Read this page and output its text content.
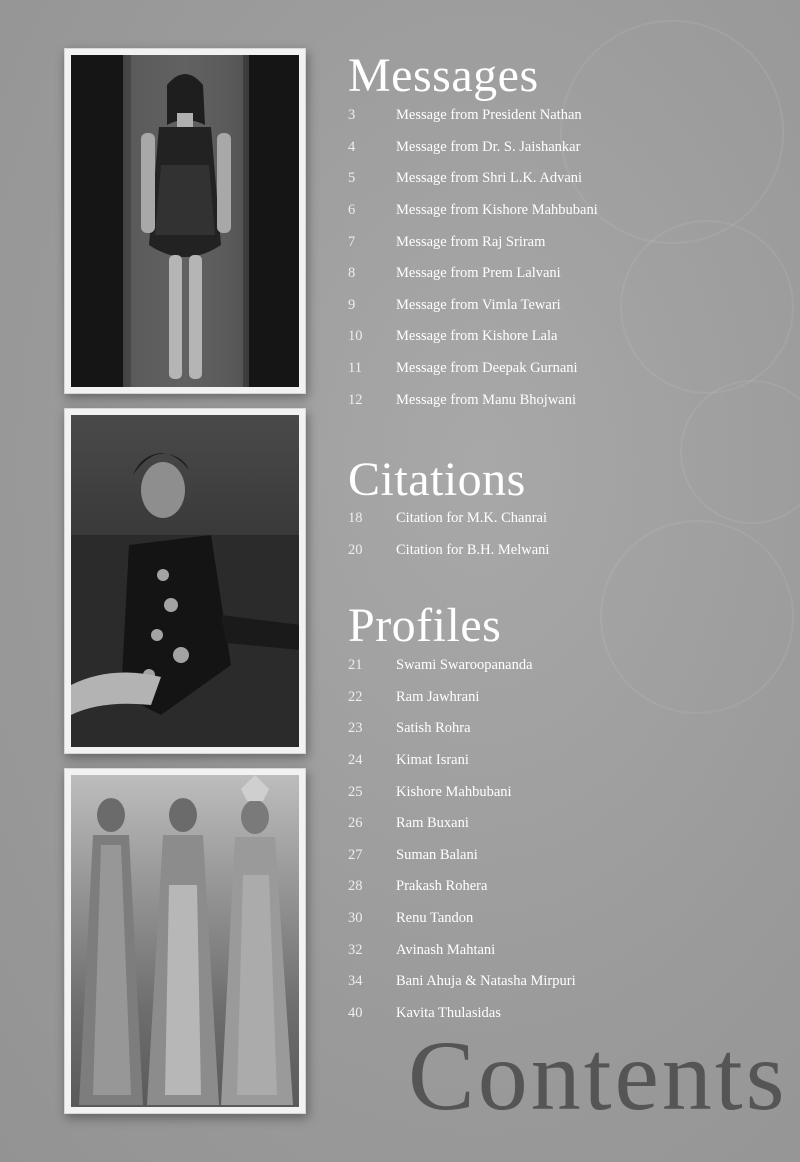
Messages
3	Message from President Nathan
4	Message from Dr. S. Jaishankar
5	Message from Shri L.K. Advani
6	Message from Kishore Mahbubani
7	Message from Raj Sriram
8	Message from Prem Lalvani
9	Message from Vimla Tewari
10	Message from Kishore Lala
11	Message from Deepak Gurnani
12	Message from Manu Bhojwani
Citations
18	Citation for M.K. Chanrai
20	Citation for B.H. Melwani
Profiles
21	Swami Swaroopananda
22	Ram Jawhrani
23	Satish Rohra
24	Kimat Israni
25	Kishore Mahbubani
26	Ram Buxani
27	Suman Balani
28	Prakash Rohera
30	Renu Tandon
32	Avinash Mahtani
34	Bani Ahuja & Natasha Mirpuri
40	Kavita Thulasidas
Contents
